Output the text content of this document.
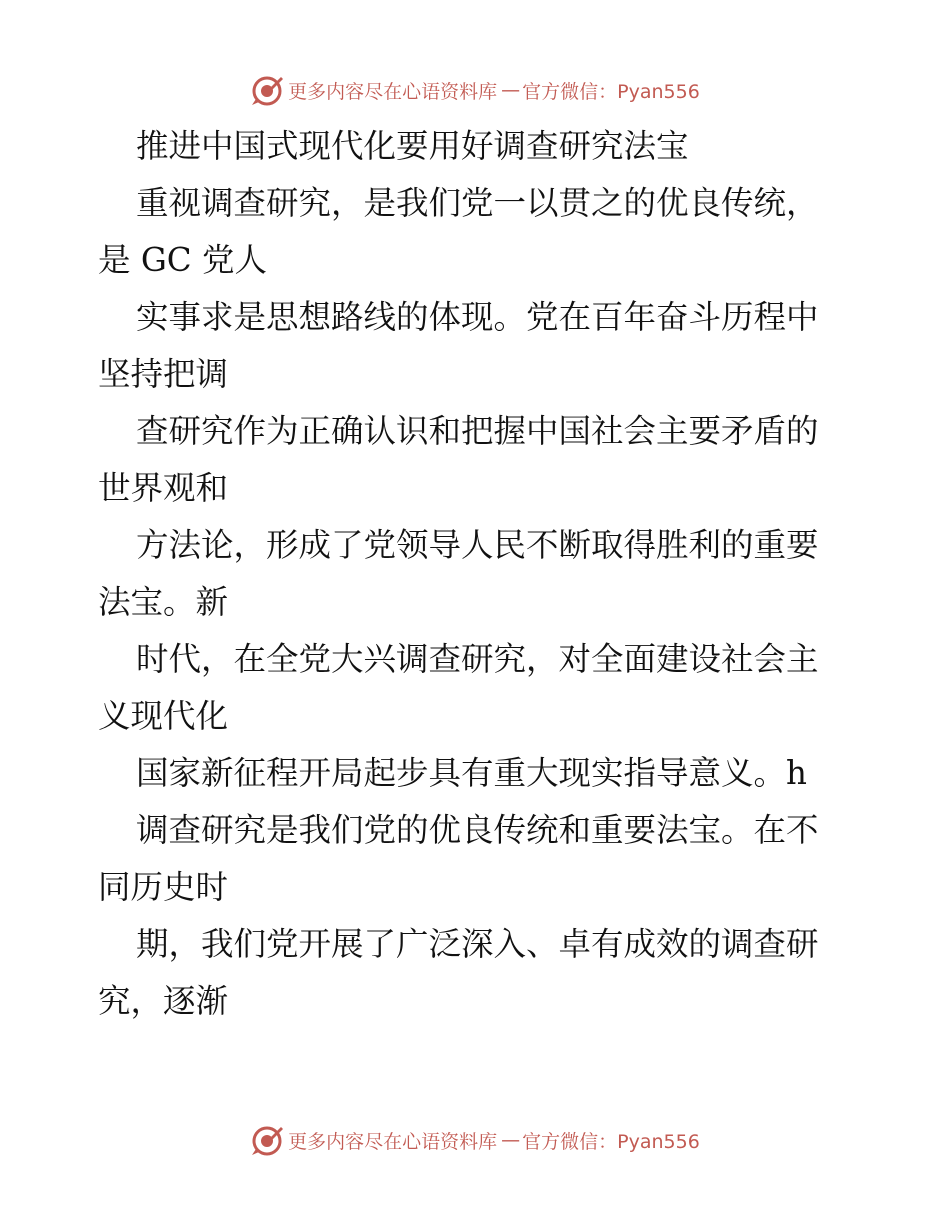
更多内容尽在心语资料库 — 官方微信：Pyan556
推进中国式现代化要用好调查研究法宝
重视调查研究，是我们党一以贯之的优良传统，
是 GC 党人
实事求是思想路线的体现。党在百年奋斗历程中
坚持把调
查研究作为正确认识和把握中国社会主要矛盾的
世界观和
方法论，形成了党领导人民不断取得胜利的重要
法宝。新
时代，在全党大兴调查研究，对全面建设社会主
义现代化
国家新征程开局起步具有重大现实指导意义。h
调查研究是我们党的优良传统和重要法宝。在不
同历史时
期，我们党开展了广泛深入、卓有成效的调查研
究，逐渐
更多内容尽在心语资料库 — 官方微信：Pyan556
